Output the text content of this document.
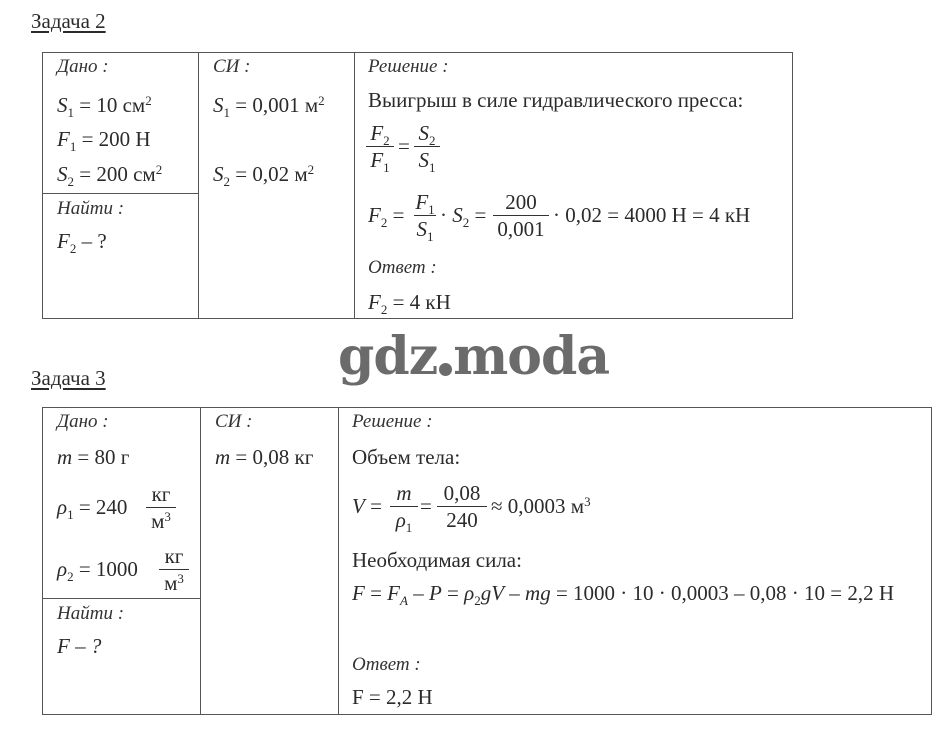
Задача 2
Дано :
$S_1 = 10$ $см^2$
$F_1 = 200$ Н
$S_2 = 200$ $см^2$
Найти :
$F_2$ – ?
СИ :
$S_1 = 0,001$ $м^2$
$S_2 = 0,02$ $м^2$
Решение :
Выигрыш в силе гидравлического пресса:
$F_2$
$F_1$
=
$S_2$
$S_1$
$F_2$ =
$F_1$
$S_1$
· $S_2$ =
200
0,001
· 0,02 = 4000 Н = 4 кН
Ответ :
$F_2 = 4$ кН
gdz moda
Задача 3
Дано :
m = 80 г
$\rho_1 = 240$
кг
$м^3$
$\rho_2 = 1000$
кг
$м^3$
Найти :
F – ?
СИ :
m = 0,08 кг
Решение :
Объем тела:
V =
m
$\rho_1$
=
0,08
240
≈ 0,0003 $м^3$
Необходимая сила:
$F = F_A - P = \rho_2gV$ – mg = 1000 · 10 · 0,0003 – 0,08 · 10 = 2,2 Н
Ответ :
F = 2,2 Н
